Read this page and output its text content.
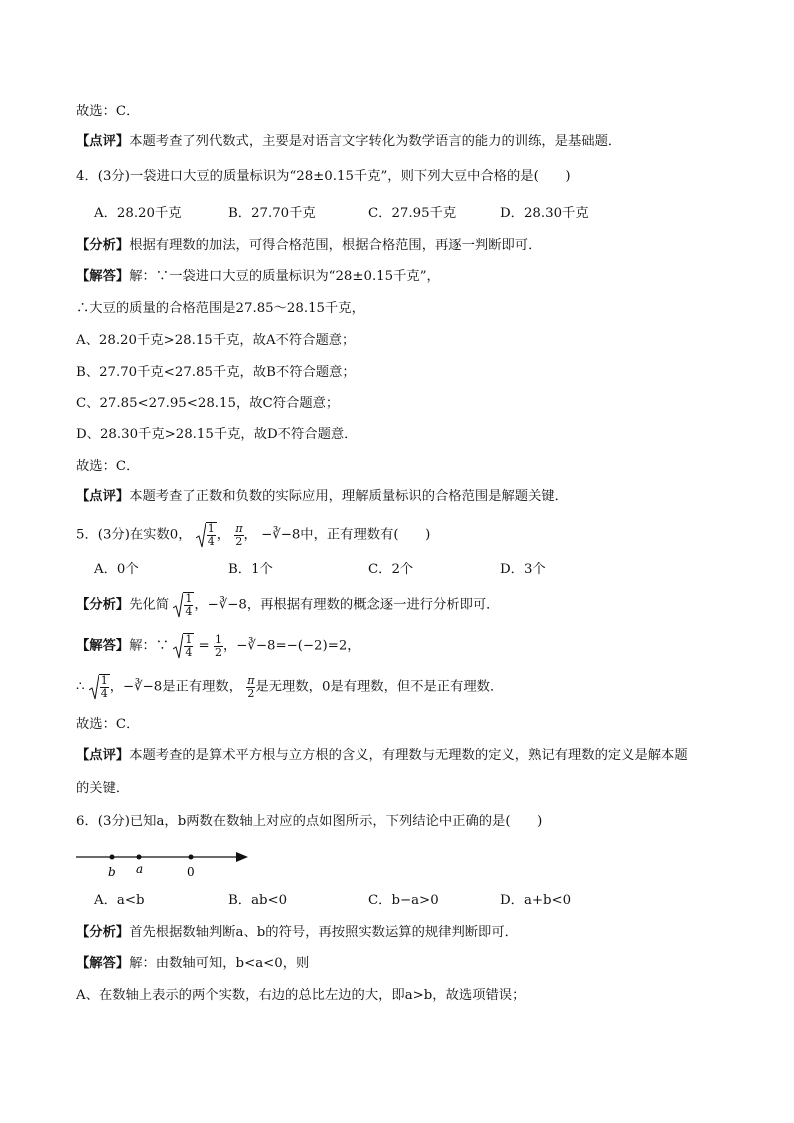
故选：C．
【点评】本题考查了列代数式，主要是对语言文字转化为数学语言的能力的训练，是基础题．
4．(3分)一袋进口大豆的质量标识为“28±0.15千克”，则下列大豆中合格的是(　　)
A．28.20千克	B．27.70千克	C．27.95千克	D．28.30千克
【分析】根据有理数的加法，可得合格范围，根据合格范围，再逐一判断即可．
【解答】解：∵一袋进口大豆的质量标识为“28±0.15千克”，
∴大豆的质量的合格范围是27.85～28.15千克，
A、28.20千克>28.15千克，故A不符合题意；
B、27.70千克<27.85千克，故B不符合题意；
C、27.85<27.95<28.15，故C符合题意；
D、28.30千克>28.15千克，故D不符合题意．
故选：C．
【点评】本题考查了正数和负数的实际应用，理解质量标识的合格范围是解题关键．
5．(3分)在实数0， $\frac{1}{4}$ ， $\frac{\pi}{2}$ ， −∛−8中，正有理数有(　　)
A．0个	B．1个	C．2个	D．3个
【分析】先化简 $\frac{1}{4}$ ，−∛−8，再根据有理数的概念逐一进行分析即可．
【解答】解：∵ $\frac{1}{4} = \frac{1}{2}$ ，−∛−8=−(−2)=2，
∴ $\frac{1}{4}$ ，−∛−8是正有理数， $\frac{\pi}{2}$ 是无理数，0是有理数，但不是正有理数．
故选：C．
【点评】本题考查的是算术平方根与立方根的含义，有理数与无理数的定义，熟记有理数的定义是解本题
的关键．
6．(3分)已知a，b两数在数轴上对应的点如图所示，下列结论中正确的是(　　)
b a	0
A．a<b	B．ab<0	C．b−a>0	D．a+b<0
【分析】首先根据数轴判断a、b的符号，再按照实数运算的规律判断即可．
【解答】解：由数轴可知，b<a<0，则
A、在数轴上表示的两个实数，右边的总比左边的大，即a>b，故选项错误；
